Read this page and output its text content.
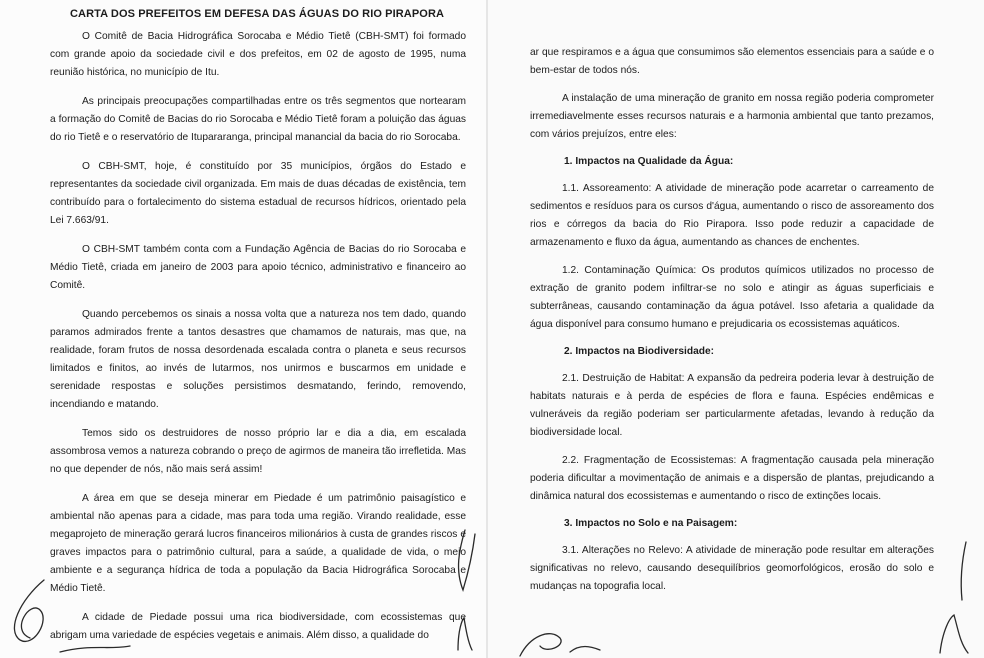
CARTA DOS PREFEITOS EM DEFESA DAS ÁGUAS DO RIO PIRAPORA

O Comitê de Bacia Hidrográfica Sorocaba e Médio Tietê (CBH-SMT) foi formado com grande apoio da sociedade civil e dos prefeitos, em 02 de agosto de 1995, numa reunião histórica, no município de Itu.

As principais preocupações compartilhadas entre os três segmentos que nortearam a formação do Comitê de Bacias do rio Sorocaba e Médio Tietê foram a poluição das águas do rio Tietê e o reservatório de Itupararanga, principal manancial da bacia do rio Sorocaba.

O CBH-SMT, hoje, é constituído por 35 municípios, órgãos do Estado e representantes da sociedade civil organizada. Em mais de duas décadas de existência, tem contribuído para o fortalecimento do sistema estadual de recursos hídricos, orientado pela Lei 7.663/91.

O CBH-SMT também conta com a Fundação Agência de Bacias do rio Sorocaba e Médio Tietê, criada em janeiro de 2003 para apoio técnico, administrativo e financeiro ao Comitê.

Quando percebemos os sinais a nossa volta que a natureza nos tem dado, quando paramos admirados frente a tantos desastres que chamamos de naturais, mas que, na realidade, foram frutos de nossa desordenada escalada contra o planeta e seus recursos limitados e finitos, ao invés de lutarmos, nos unirmos e buscarmos em unidade e serenidade respostas e soluções persistimos desmatando, ferindo, removendo, incendiando e matando.

Temos sido os destruidores de nosso próprio lar e dia a dia, em escalada assombrosa vemos a natureza cobrando o preço de agirmos de maneira tão irrefletida. Mas no que depender de nós, não mais será assim!

A área em que se deseja minerar em Piedade é um patrimônio paisagístico e ambiental não apenas para a cidade, mas para toda uma região. Virando realidade, esse megaprojeto de mineração gerará lucros financeiros milionários à custa de grandes riscos e graves impactos para o patrimônio cultural, para a saúde, a qualidade de vida, o meio ambiente e a segurança hídrica de toda a população da Bacia Hidrográfica Sorocaba e Médio Tietê.

A cidade de Piedade possui uma rica biodiversidade, com ecossistemas que abrigam uma variedade de espécies vegetais e animais. Além disso, a qualidade do

ar que respiramos e a água que consumimos são elementos essenciais para a saúde e o bem-estar de todos nós.

A instalação de uma mineração de granito em nossa região poderia comprometer irremediavelmente esses recursos naturais e a harmonia ambiental que tanto prezamos, com vários prejuízos, entre eles:

1. Impactos na Qualidade da Água:

1.1. Assoreamento: A atividade de mineração pode acarretar o carreamento de sedimentos e resíduos para os cursos d'água, aumentando o risco de assoreamento dos rios e córregos da bacia do Rio Pirapora. Isso pode reduzir a capacidade de armazenamento e fluxo da água, aumentando as chances de enchentes.

1.2. Contaminação Química: Os produtos químicos utilizados no processo de extração de granito podem infiltrar-se no solo e atingir as águas superficiais e subterrâneas, causando contaminação da água potável. Isso afetaria a qualidade da água disponível para consumo humano e prejudicaria os ecossistemas aquáticos.

2. Impactos na Biodiversidade:

2.1. Destruição de Habitat: A expansão da pedreira poderia levar à destruição de habitats naturais e à perda de espécies de flora e fauna. Espécies endêmicas e vulneráveis da região poderiam ser particularmente afetadas, levando à redução da biodiversidade local.

2.2. Fragmentação de Ecossistemas: A fragmentação causada pela mineração poderia dificultar a movimentação de animais e a dispersão de plantas, prejudicando a dinâmica natural dos ecossistemas e aumentando o risco de extinções locais.

3. Impactos no Solo e na Paisagem:

3.1. Alterações no Relevo: A atividade de mineração pode resultar em alterações significativas no relevo, causando desequilíbrios geomorfológicos, erosão do solo e mudanças na topografia local.
